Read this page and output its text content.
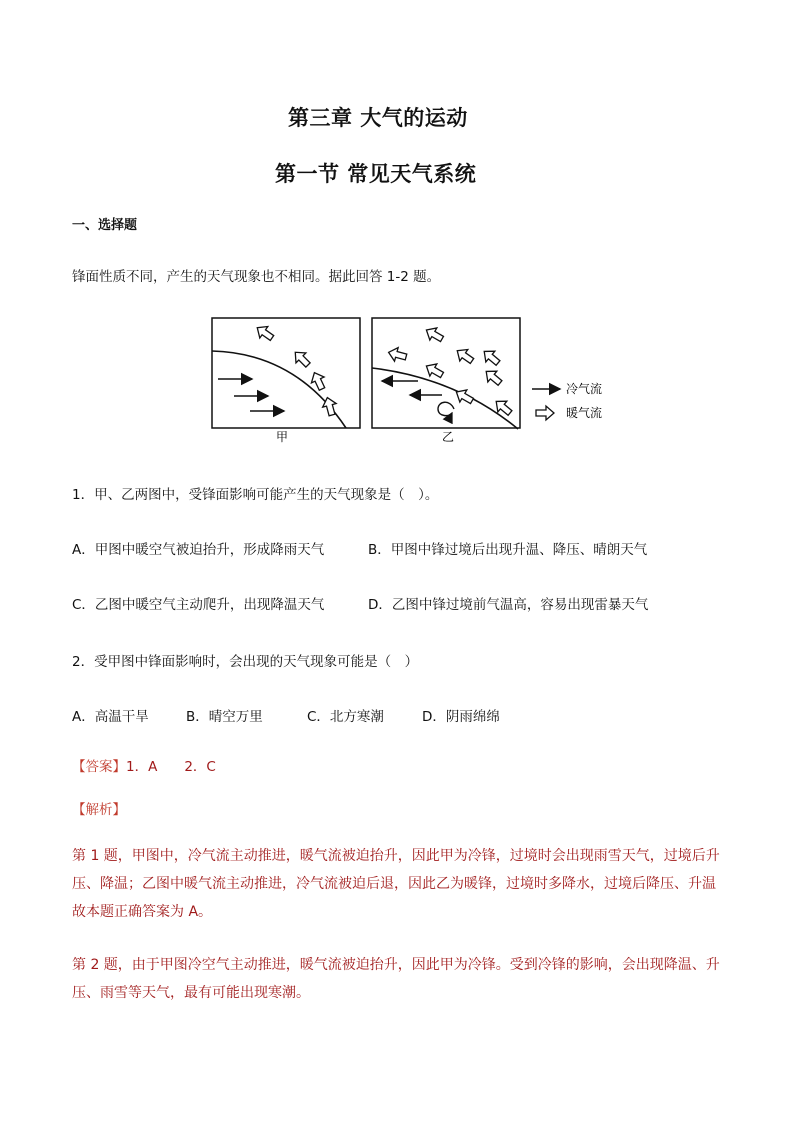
第三章 大气的运动
第一节 常见天气系统
一、选择题
锋面性质不同，产生的天气现象也不相同。据此回答 1-2 题。
甲	乙
冷气流
暖气流
1．甲、乙两图中，受锋面影响可能产生的天气现象是（　）。
A．甲图中暖空气被迫抬升，形成降雨天气	B．甲图中锋过境后出现升温、降压、晴朗天气
C．乙图中暖空气主动爬升，出现降温天气	D．乙图中锋过境前气温高，容易出现雷暴天气
2．受甲图中锋面影响时，会出现的天气现象可能是（　）
A．高温干旱	B．晴空万里	C．北方寒潮	D．阴雨绵绵
【答案】1．A　　2．C
【解析】
第 1 题，甲图中，冷气流主动推进，暖气流被迫抬升，因此甲为冷锋，过境时会出现雨雪天气，过境后升压、降温；乙图中暖气流主动推进，冷气流被迫后退，因此乙为暖锋，过境时多降水，过境后降压、升温故本题正确答案为 A。
第 2 题，由于甲图冷空气主动推进，暖气流被迫抬升，因此甲为冷锋。受到冷锋的影响，会出现降温、升压、雨雪等天气，最有可能出现寒潮。
